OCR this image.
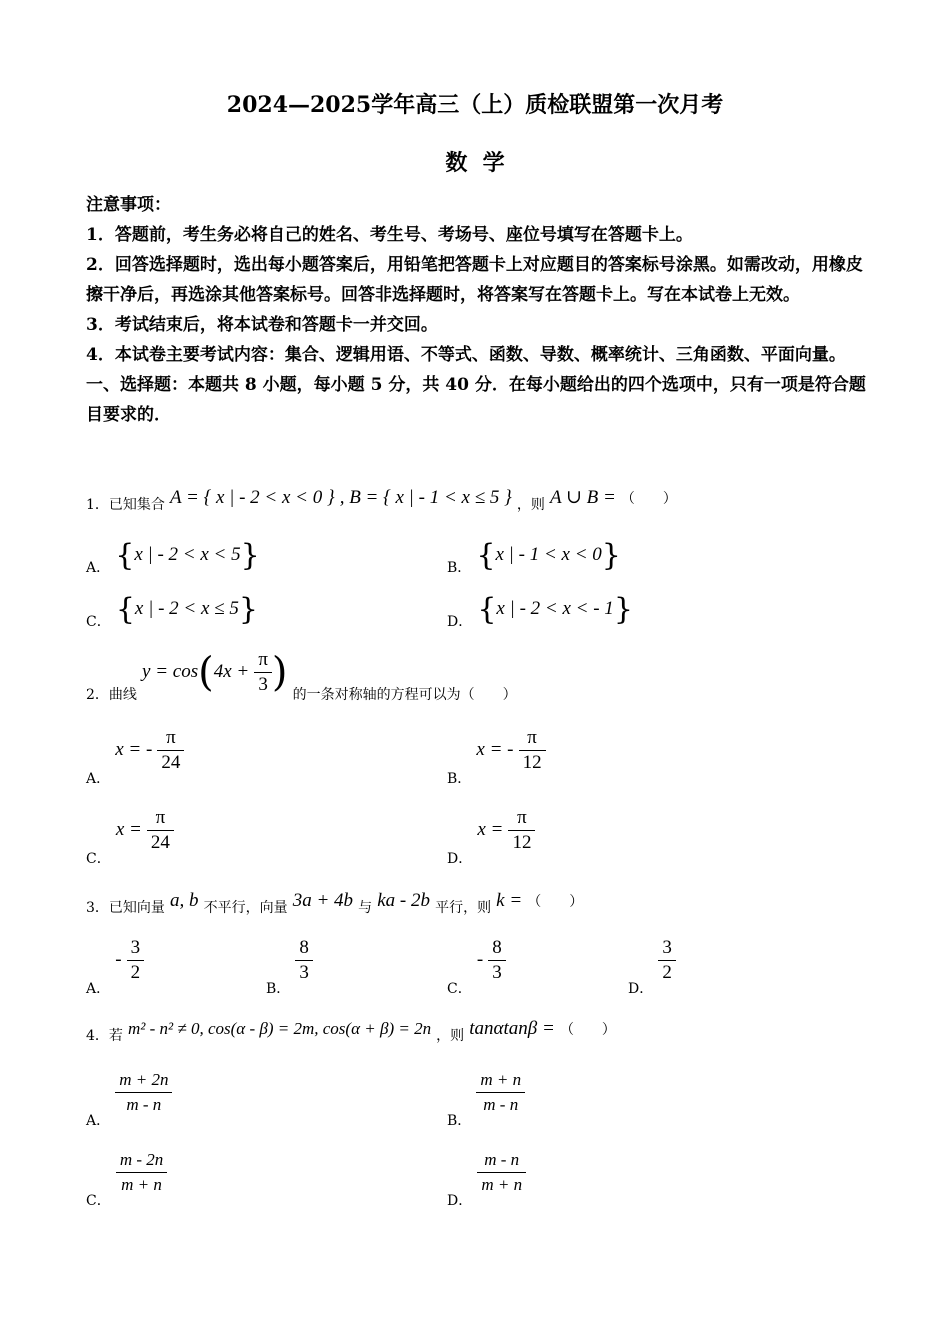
2024—2025学年高三（上）质检联盟第一次月考
数  学
注意事项：
1．答题前，考生务必将自己的姓名、考生号、考场号、座位号填写在答题卡上。
2．回答选择题时，选出每小题答案后，用铅笔把答题卡上对应题目的答案标号涂黑。如需改动，用橡皮擦干净后，再选涂其他答案标号。回答非选择题时，将答案写在答题卡上。写在本试卷上无效。
3．考试结束后，将本试卷和答题卡一并交回。
4．本试卷主要考试内容：集合、逻辑用语、不等式、函数、导数、概率统计、三角函数、平面向量。
一、选择题：本题共 8 小题，每小题 5 分，共 40 分．在每小题给出的四个选项中，只有一项是符合题目要求的．
1．已知集合 A = { x | - 2 < x < 0 } , B = { x | - 1 < x ≤ 5 } ，则 A ∪ B = （　　）
A． {x | - 2 < x < 5}	B． {x | - 1 < x < 0}
C． {x | - 2 < x ≤ 5}	D． {x | - 2 < x < - 1}
2．曲线 $y = \cos(4x + \frac{\pi}{3}$ ) 的一条对称轴的方程可以为（　　）
A． x = - $\frac{\pi}{24}$
B． x = - $\frac{\pi}{12}$
C． $x = \frac{\pi}{24}$
D． $x = \frac{\pi}{12}$
3．已知向量 a, b 不平行，向量 3a + 4b 与 ka - 2b 平行，则 k = （　　）
A． - $\frac{3}{2}$
B．
$\frac{8}{3}$
C． - $\frac{8}{3}$
D．
$\frac{3}{2}$
4．若 m² - n² ≠ 0, cos(α - β) = 2m, cos(α + β) = 2n ，则 tanαtanβ = （　　）
A．
$\frac{m + 2n}{m - n}$
B．
$\frac{m + n}{m - n}$
C．
$\frac{m - 2n}{m + n}$
D．
$\frac{m - n}{m + n}$
